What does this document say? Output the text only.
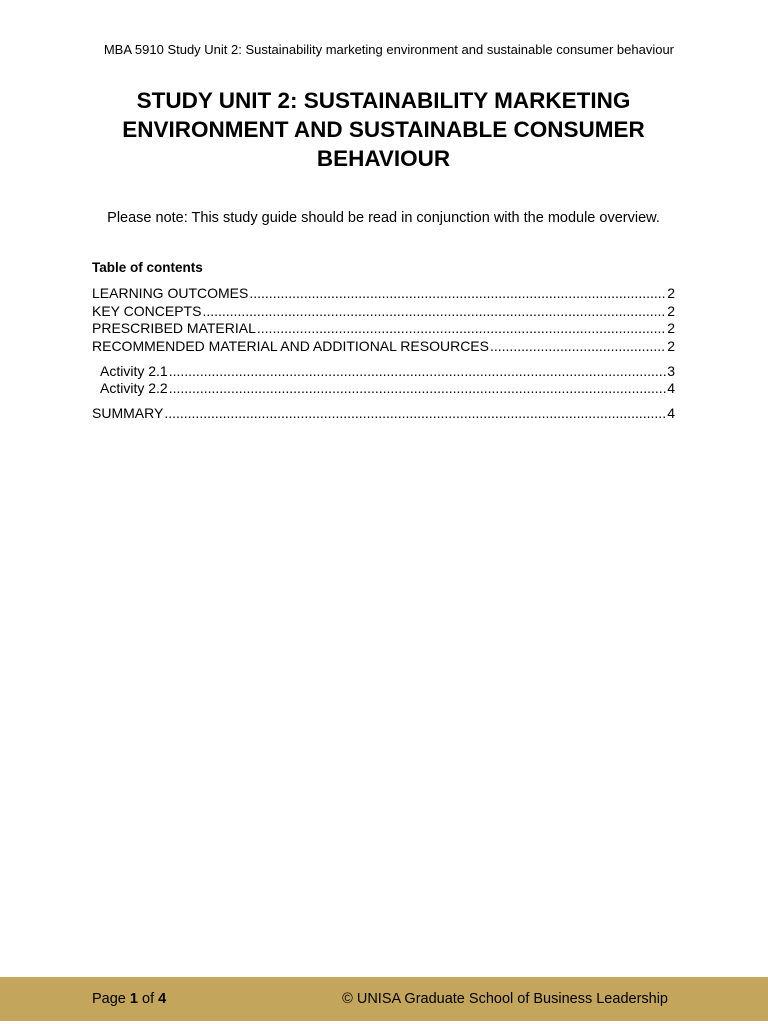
MBA 5910 Study Unit 2: Sustainability marketing environment and sustainable consumer behaviour
STUDY UNIT 2: SUSTAINABILITY MARKETING
ENVIRONMENT AND SUSTAINABLE CONSUMER
BEHAVIOUR
Please note: This study guide should be read in conjunction with the module overview.
Table of contents
LEARNING OUTCOMES .....	2
KEY CONCEPTS .....	2
PRESCRIBED MATERIAL .....	2
RECOMMENDED MATERIAL AND ADDITIONAL RESOURCES .....	2
Activity 2.1 .....	3
Activity 2.2 .....	4
SUMMARY .....	4
Page 1 of 4	© UNISA Graduate School of Business Leadership
